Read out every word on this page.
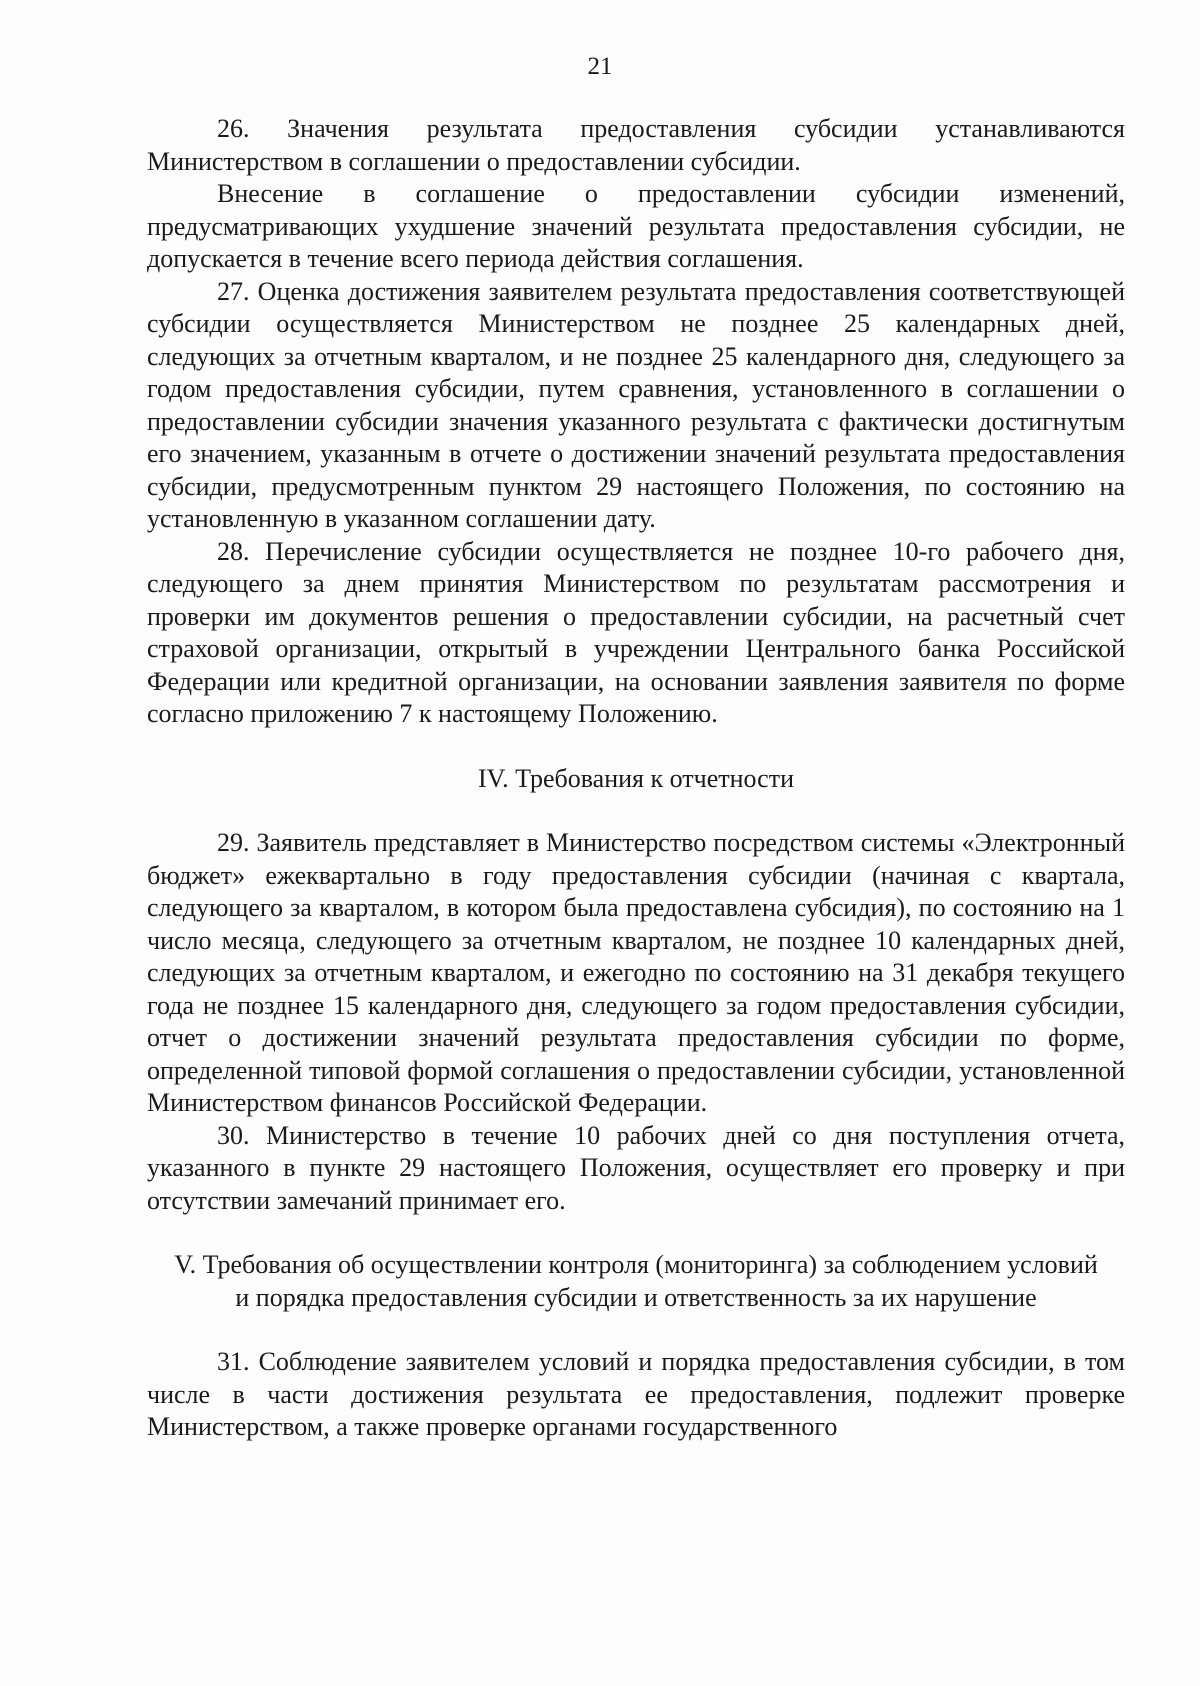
21

26. Значения результата предоставления субсидии устанавливаются Министерством в соглашении о предоставлении субсидии.

Внесение в соглашение о предоставлении субсидии изменений, предусматривающих ухудшение значений результата предоставления субсидии, не допускается в течение всего периода действия соглашения.

27. Оценка достижения заявителем результата предоставления соответствующей субсидии осуществляется Министерством не позднее 25 календарных дней, следующих за отчетным кварталом, и не позднее 25 календарного дня, следующего за годом предоставления субсидии, путем сравнения, установленного в соглашении о предоставлении субсидии значения указанного результата с фактически достигнутым его значением, указанным в отчете о достижении значений результата предоставления субсидии, предусмотренным пунктом 29 настоящего Положения, по состоянию на установленную в указанном соглашении дату.

28. Перечисление субсидии осуществляется не позднее 10-го рабочего дня, следующего за днем принятия Министерством по результатам рассмотрения и проверки им документов решения о предоставлении субсидии, на расчетный счет страховой организации, открытый в учреждении Центрального банка Российской Федерации или кредитной организации, на основании заявления заявителя по форме согласно приложению 7 к настоящему Положению.

IV. Требования к отчетности

29. Заявитель представляет в Министерство посредством системы «Электронный бюджет» ежеквартально в году предоставления субсидии (начиная с квартала, следующего за кварталом, в котором была предоставлена субсидия), по состоянию на 1 число месяца, следующего за отчетным кварталом, не позднее 10 календарных дней, следующих за отчетным кварталом, и ежегодно по состоянию на 31 декабря текущего года не позднее 15 календарного дня, следующего за годом предоставления субсидии, отчет о достижении значений результата предоставления субсидии по форме, определенной типовой формой соглашения о предоставлении субсидии, установленной Министерством финансов Российской Федерации.

30. Министерство в течение 10 рабочих дней со дня поступления отчета, указанного в пункте 29 настоящего Положения, осуществляет его проверку и при отсутствии замечаний принимает его.

V. Требования об осуществлении контроля (мониторинга) за соблюдением условий и порядка предоставления субсидии и ответственность за их нарушение

31. Соблюдение заявителем условий и порядка предоставления субсидии, в том числе в части достижения результата ее предоставления, подлежит проверке Министерством, а также проверке органами государственного
